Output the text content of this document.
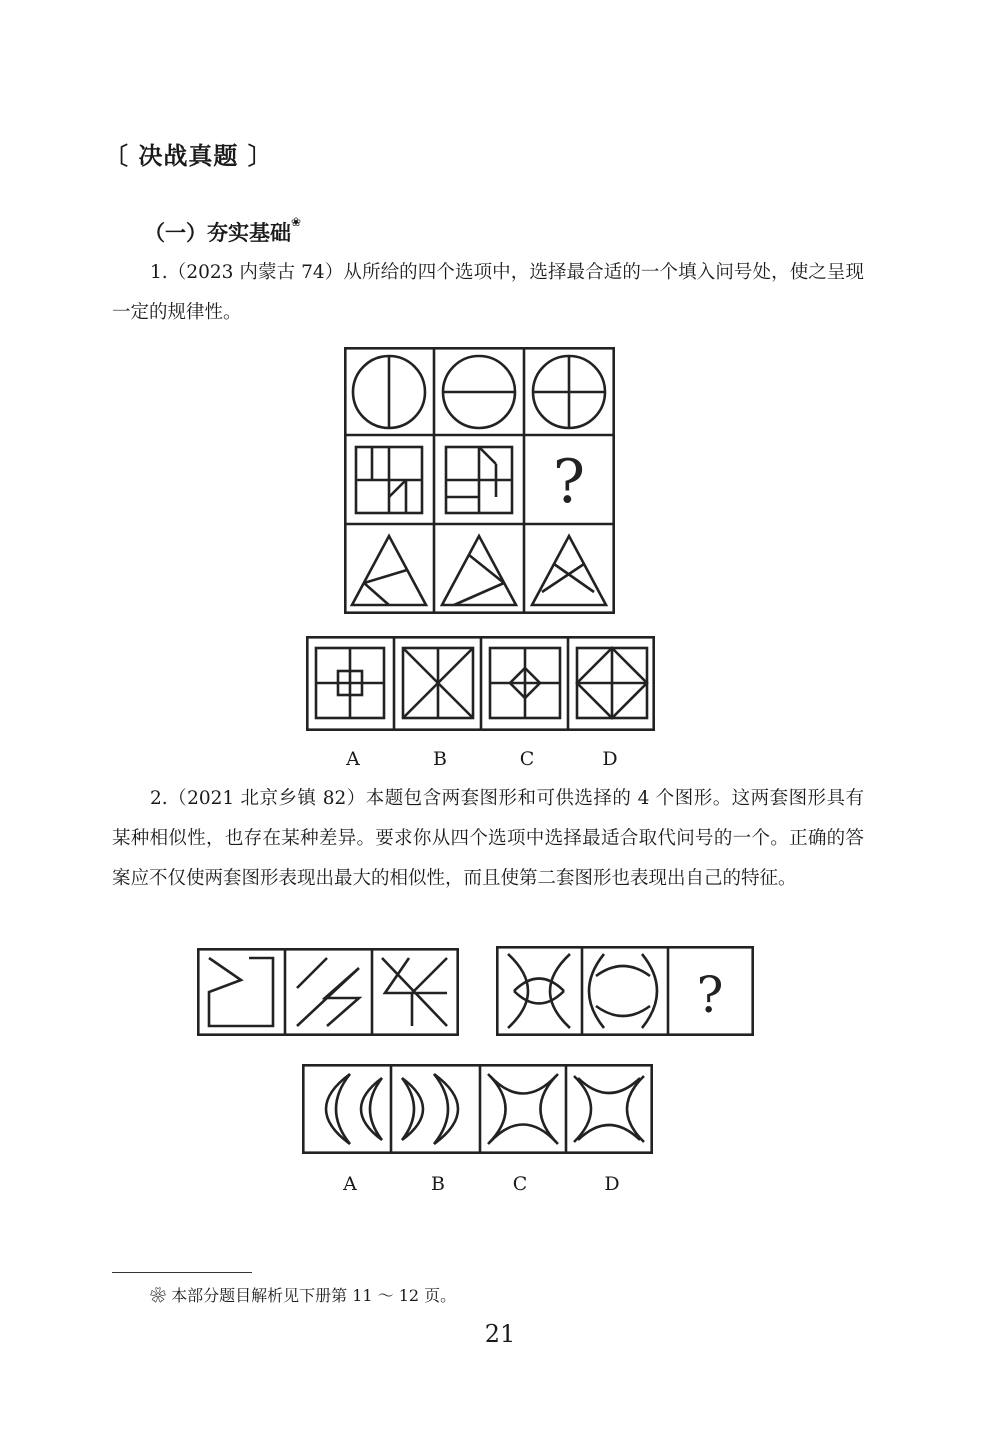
〔 决战真题 〕
（一）夯实基础❀
1.（2023 内蒙古 74）从所给的四个选项中，选择最合适的一个填入问号处，使之呈现一定的规律性。
?
A	B	C	D
2.（2021 北京乡镇 82）本题包含两套图形和可供选择的 4 个图形。这两套图形具有某种相似性，也存在某种差异。要求你从四个选项中选择最适合取代问号的一个。正确的答案应不仅使两套图形表现出最大的相似性，而且使第二套图形也表现出自己的特征。
?
A	B	C	D
❀ 本部分题目解析见下册第 11 ～ 12 页。
21
